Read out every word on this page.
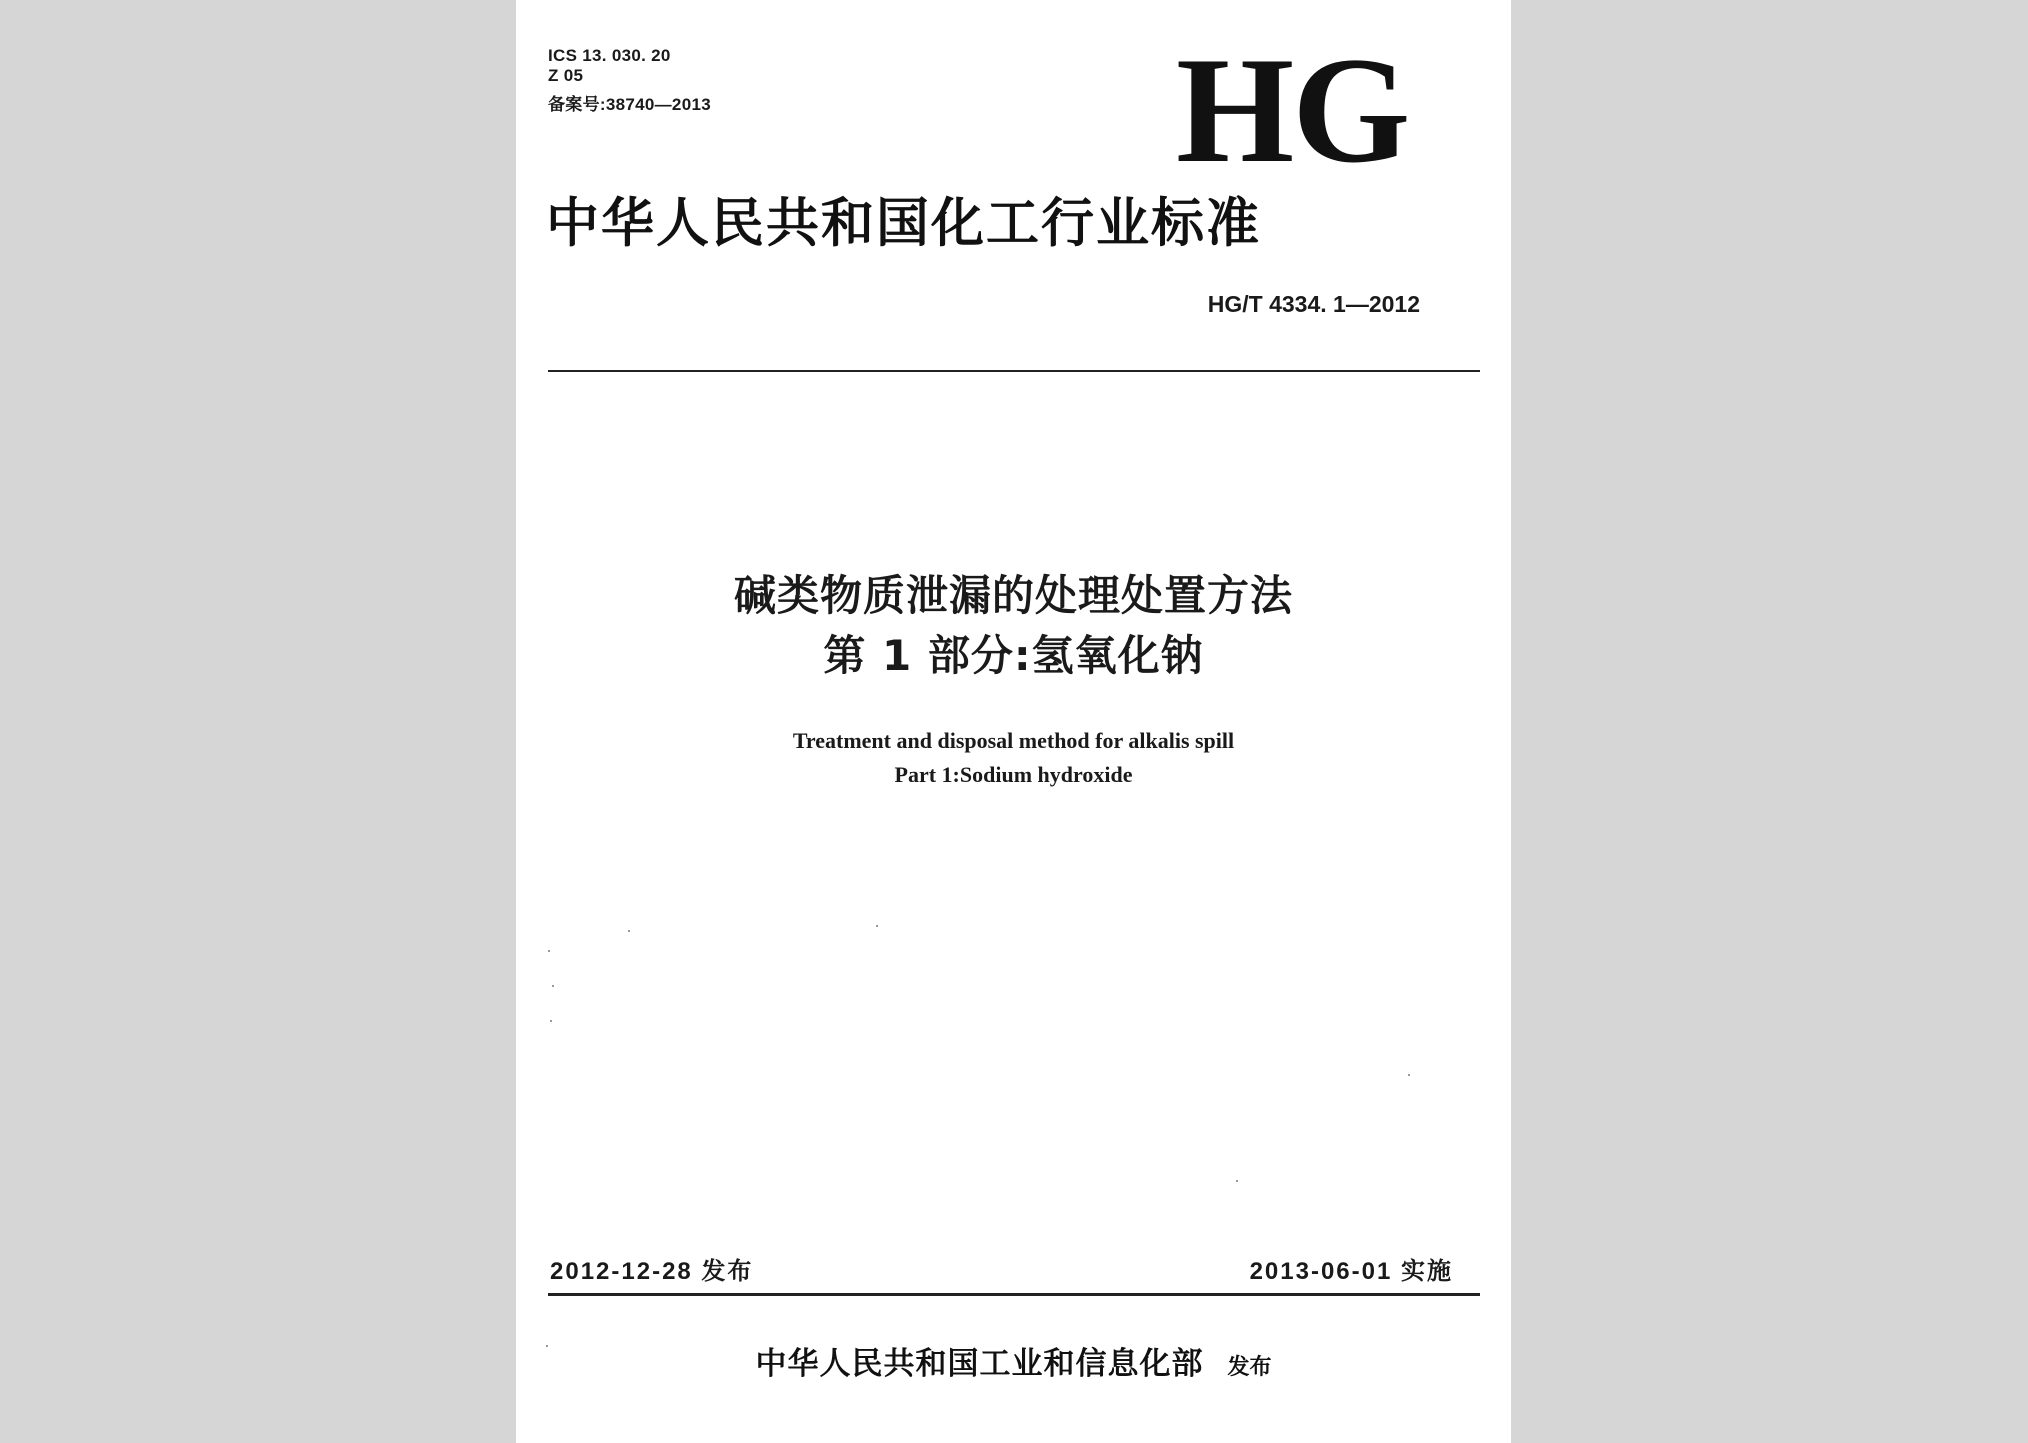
ICS 13. 030. 20
Z 05
备案号:38740—2013	HG
中华人民共和国化工行业标准
HG/T 4334. 1—2012
碱类物质泄漏的处理处置方法
第 1 部分:氢氧化钠
Treatment and disposal method for alkalis spill
Part 1:Sodium hydroxide
2012-12-28 发布	2013-06-01 实施
中华人民共和国工业和信息化部 发布
